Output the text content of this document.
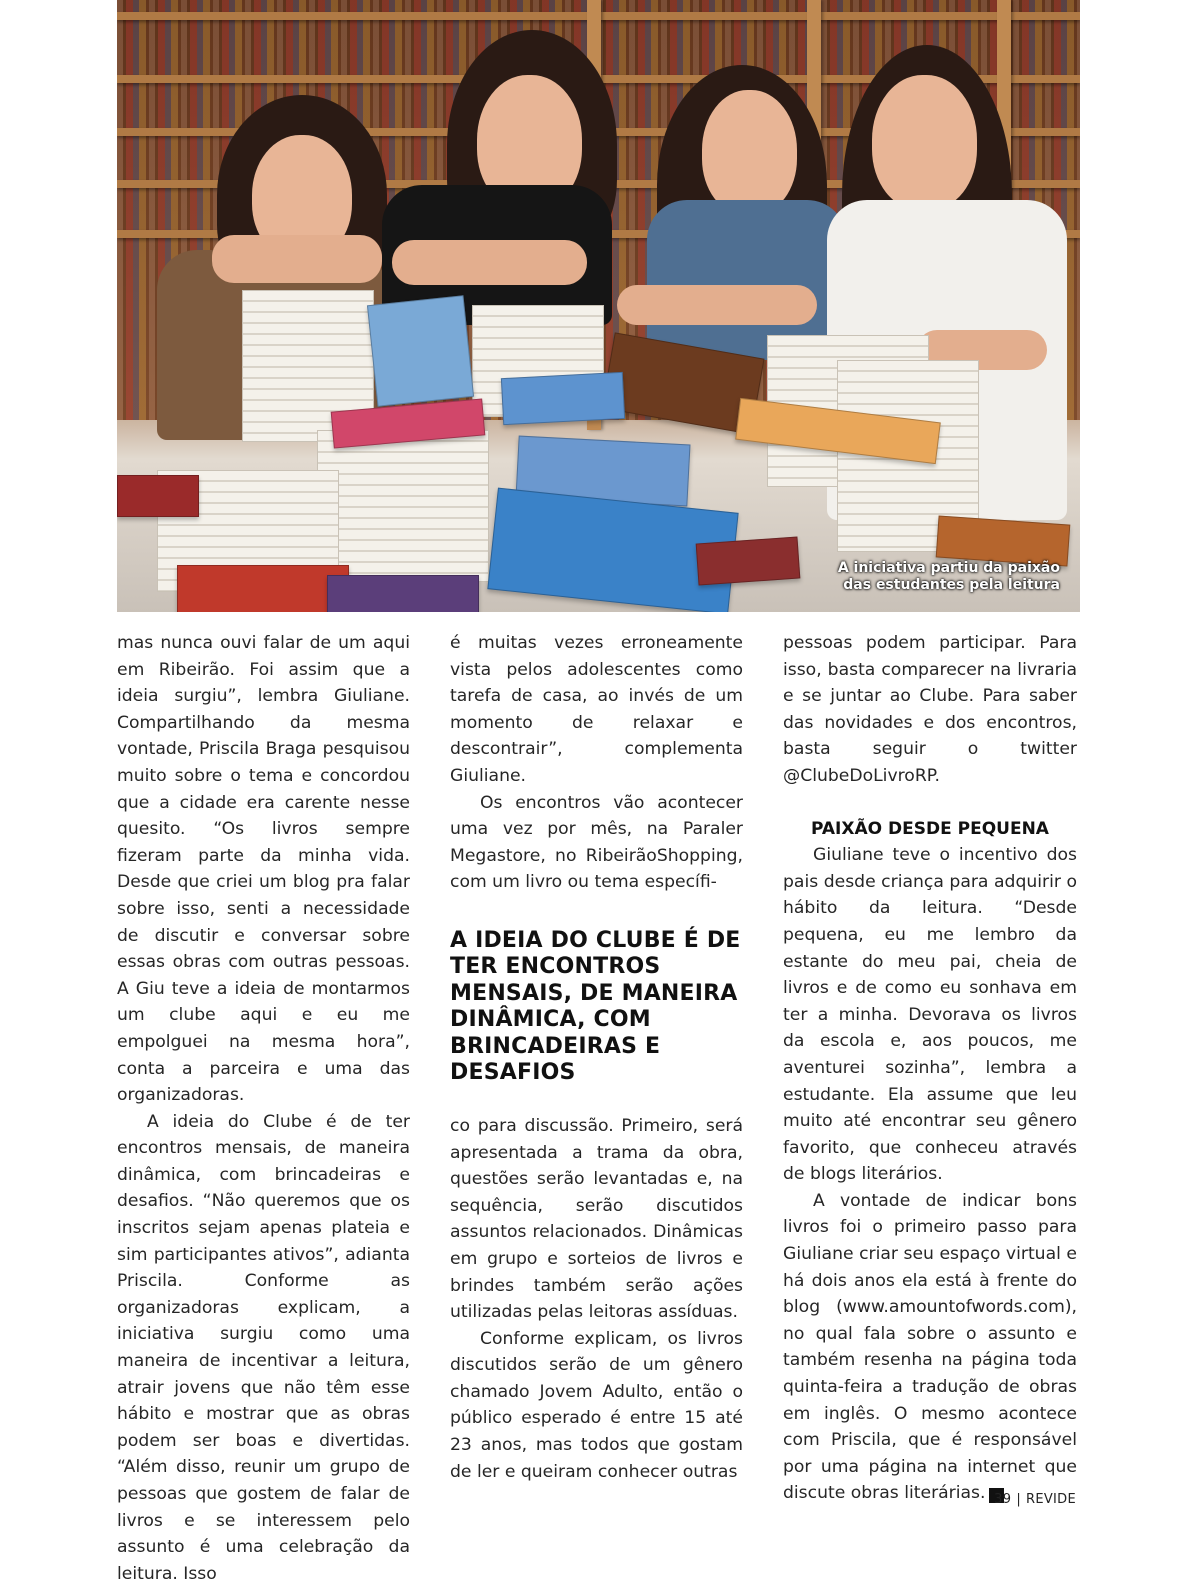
A iniciativa partiu da paixão
das estudantes pela leitura

mas nunca ouvi falar de um aqui em Ribeirão. Foi assim que a ideia surgiu”, lembra Giuliane. Compartilhando da mesma vontade, Priscila Braga pesquisou muito sobre o tema e concordou que a cidade era carente nesse quesito. “Os livros sempre fizeram parte da minha vida. Desde que criei um blog pra falar sobre isso, senti a necessidade de discutir e conversar sobre essas obras com outras pessoas. A Giu teve a ideia de montarmos um clube aqui e eu me empolguei na mesma hora”, conta a parceira e uma das organizadoras.

A ideia do Clube é de ter encontros mensais, de maneira dinâmica, com brincadeiras e desafios. “Não queremos que os inscritos sejam apenas plateia e sim participantes ativos”, adianta Priscila. Conforme as organizadoras explicam, a iniciativa surgiu como uma maneira de incentivar a leitura, atrair jovens que não têm esse hábito e mostrar que as obras podem ser boas e divertidas. “Além disso, reunir um grupo de pessoas que gostem de falar de livros e se interessem pelo assunto é uma celebração da leitura. Isso

é muitas vezes erroneamente vista pelos adolescentes como tarefa de casa, ao invés de um momento de relaxar e descontrair”, complementa Giuliane.

Os encontros vão acontecer uma vez por mês, na Paraler Megastore, no RibeirãoShopping, com um livro ou tema específi-

A IDEIA DO CLUBE É DE TER ENCONTROS MENSAIS, DE MANEIRA DINÂMICA, COM BRINCADEIRAS E DESAFIOS

co para discussão. Primeiro, será apresentada a trama da obra, questões serão levantadas e, na sequência, serão discutidos assuntos relacionados. Dinâmicas em grupo e sorteios de livros e brindes também serão ações utilizadas pelas leitoras assíduas.

Conforme explicam, os livros discutidos serão de um gênero chamado Jovem Adulto, então o público esperado é entre 15 até 23 anos, mas todos que gostam de ler e queiram conhecer outras

pessoas podem participar. Para isso, basta comparecer na livraria e se juntar ao Clube. Para saber das novidades e dos encontros, basta seguir o twitter @ClubeDoLivroRP.

PAIXÃO DESDE PEQUENA

Giuliane teve o incentivo dos pais desde criança para adquirir o hábito da leitura. “Desde pequena, eu me lembro da estante do meu pai, cheia de livros e de como eu sonhava em ter a minha. Devorava os livros da escola e, aos poucos, me aventurei sozinha”, lembra a estudante. Ela assume que leu muito até encontrar seu gênero favorito, que conheceu através de blogs literários.

A vontade de indicar bons livros foi o primeiro passo para Giuliane criar seu espaço virtual e há dois anos ela está à frente do blog (www.amountofwords.com), no qual fala sobre o assunto e também resenha na página toda quinta-feira a tradução de obras em inglês. O mesmo acontece com Priscila, que é responsável por uma página na internet que discute obras literárias.	r

39 | REVIDE
